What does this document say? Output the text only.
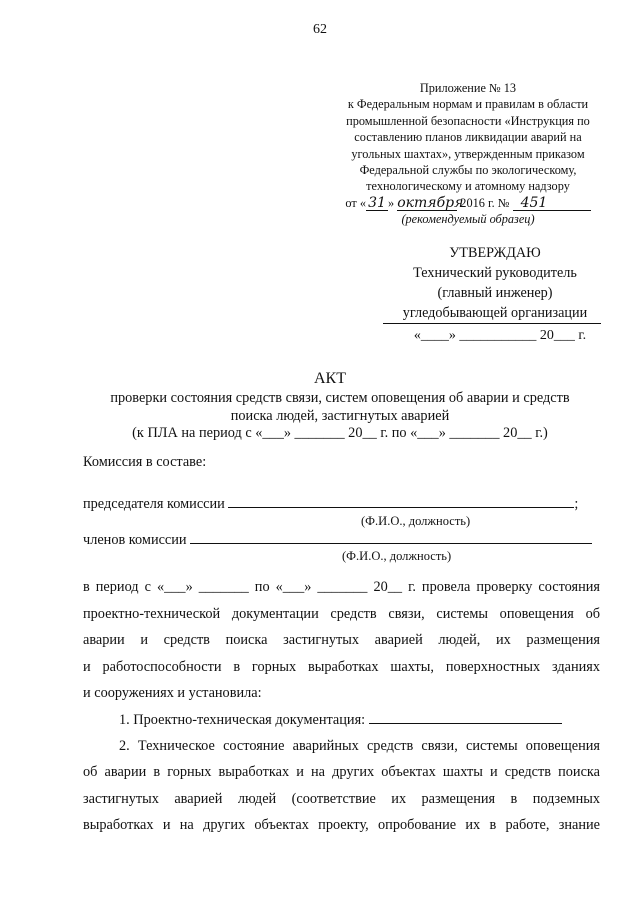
62
Приложение № 13
к Федеральным нормам и правилам в области
промышленной безопасности «Инструкция по
составлению планов ликвидации аварий на
угольных шахтах», утвержденным приказом
Федеральной службы по экологическому,
технологическому и атомному надзору
от « 31 » октября 2016 г. № 451
(рекомендуемый образец)
УТВЕРЖДАЮ
Технический руководитель
(главный инженер)
угледобывающей организации
«____» ___________ 20___ г.
АКТ
проверки состояния средств связи, систем оповещения об аварии и средств
поиска людей, застигнутых аварией
(к ПЛА на период с «___» _______ 20__ г. по «___» _______ 20__ г.)
Комиссия в составе:
председателя комиссии	;
(Ф.И.О., должность)
членов комиссии
(Ф.И.О., должность)
в период с «___» _______ по «___» _______ 20__ г. провела проверку состояния
проектно-технической документации средств связи, системы оповещения об
аварии и средств поиска застигнутых аварией людей, их размещения
и работоспособности в горных выработках шахты, поверхностных зданиях
и сооружениях и установила:
1. Проектно-техническая документация:
2. Техническое состояние аварийных средств связи, системы оповещения
об аварии в горных выработках и на других объектах шахты и средств поиска
застигнутых аварией людей (соответствие их размещения в подземных
выработках и на других объектах проекту, опробование их в работе, знание
